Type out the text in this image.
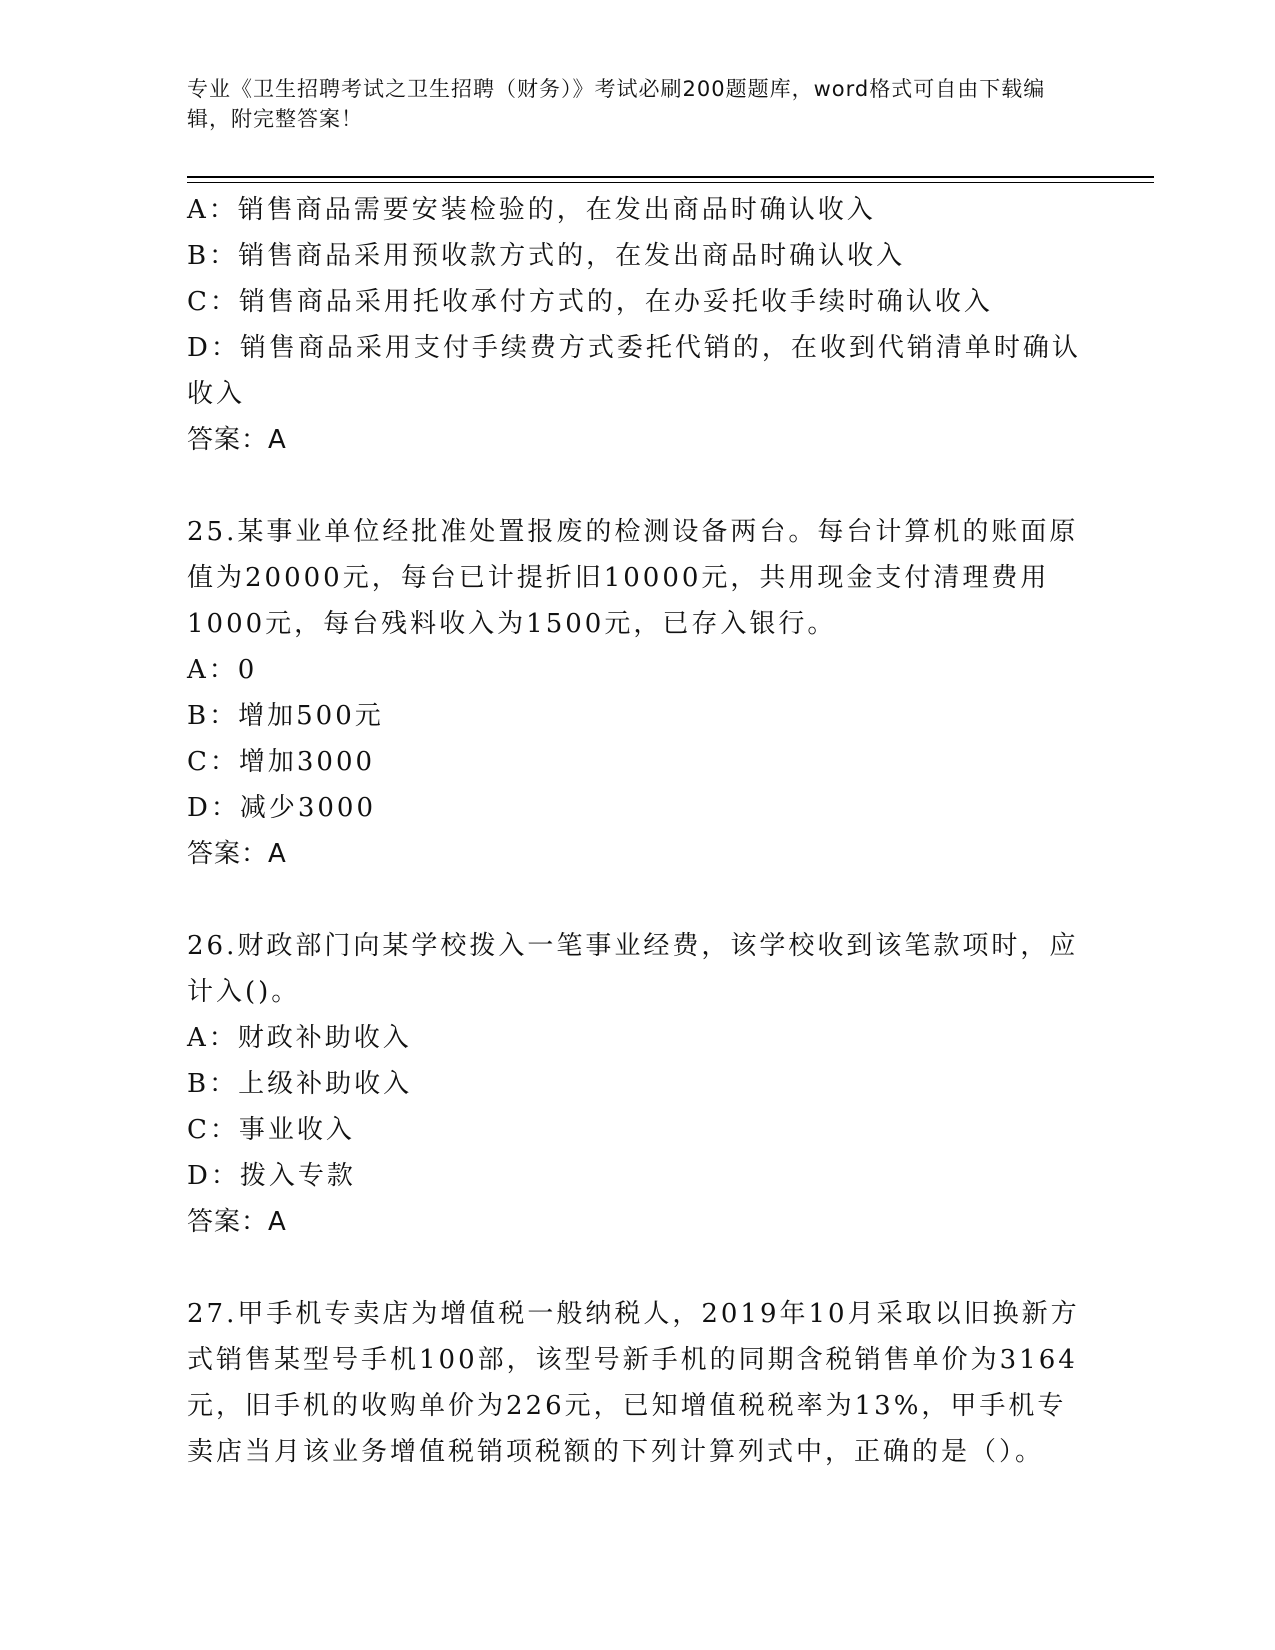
专业《卫生招聘考试之卫生招聘（财务）》考试必刷200题题库，word格式可自由下载编辑，附完整答案！

A：销售商品需要安装检验的，在发出商品时确认收入

B：销售商品采用预收款方式的，在发出商品时确认收入

C：销售商品采用托收承付方式的，在办妥托收手续时确认收入

D：销售商品采用支付手续费方式委托代销的，在收到代销清单时确认收入

答案：A

25.某事业单位经批准处置报废的检测设备两台。每台计算机的账面原值为20000元，每台已计提折旧10000元，共用现金支付清理费用1000元，每台残料收入为1500元，已存入银行。

A：0

B：增加500元

C：增加3000

D：减少3000

答案：A

26.财政部门向某学校拨入一笔事业经费，该学校收到该笔款项时，应计入()。

A：财政补助收入

B：上级补助收入

C：事业收入

D：拨入专款

答案：A

27.甲手机专卖店为增值税一般纳税人，2019年10月采取以旧换新方式销售某型号手机100部，该型号新手机的同期含税销售单价为3164元，旧手机的收购单价为226元，已知增值税税率为13%，甲手机专卖店当月该业务增值税销项税额的下列计算列式中，正确的是（）。
